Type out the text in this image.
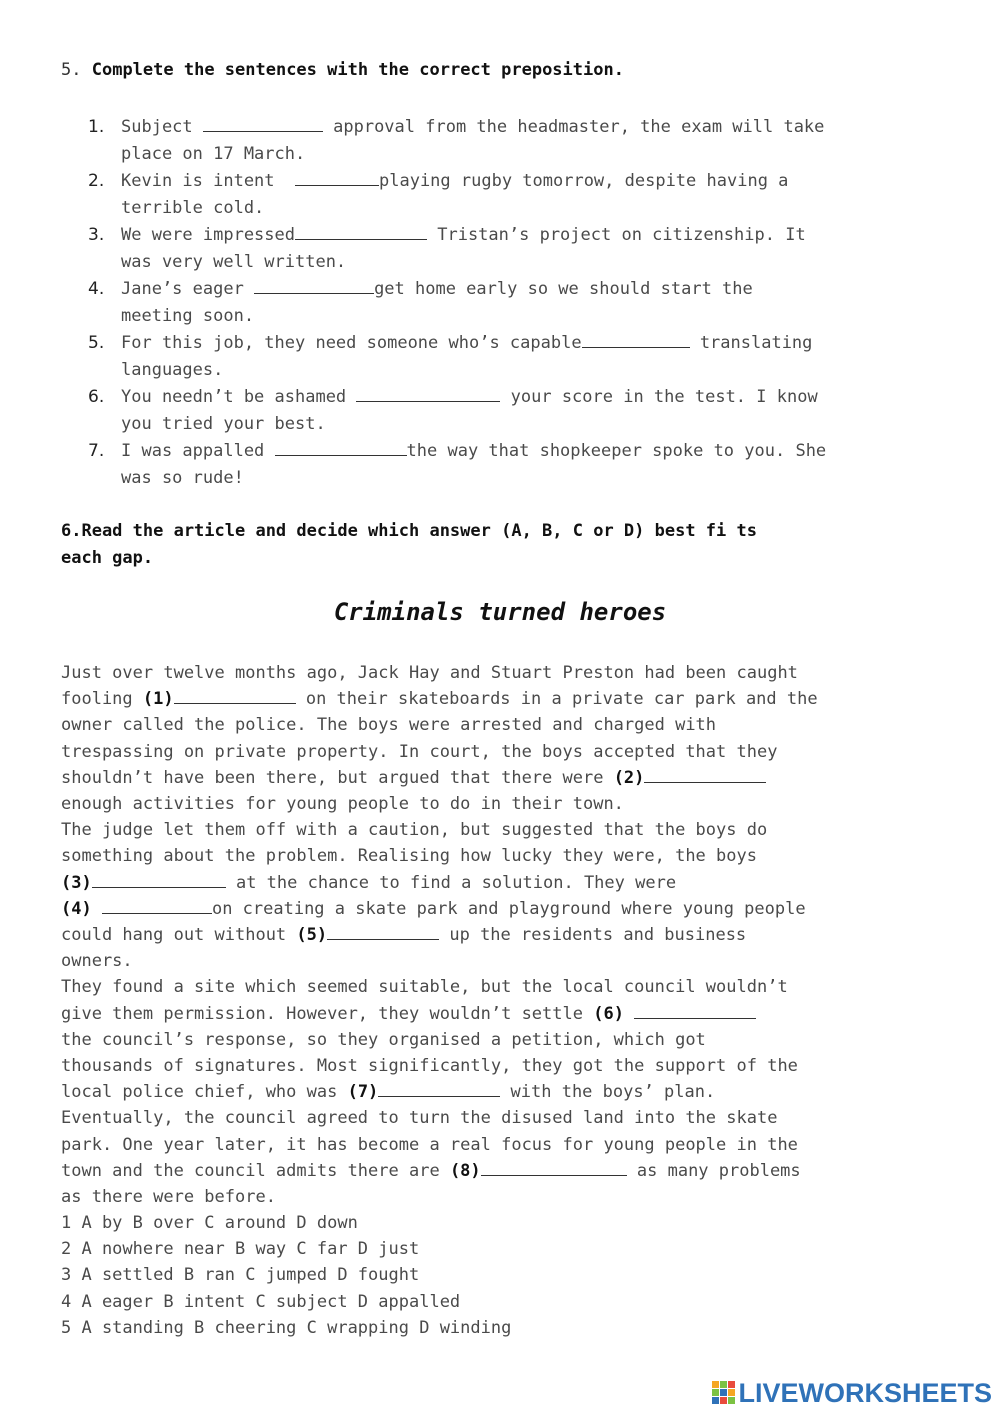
5. Complete the sentences with the correct preposition.
1. Subject	approval from the headmaster, the exam will take
place on 17 March.
2. Kevin is intent	playing rugby tomorrow, despite having a
terrible cold.
3. We were impressed	Tristan’s project on citizenship. It
was very well written.
4. Jane’s eager	get home early so we should start the
meeting soon.
5. For this job, they need someone who’s capable	translating
languages.
6. You needn’t be ashamed	your score in the test. I know
you tried your best.
7. I was appalled	the way that shopkeeper spoke to you. She
was so rude!
6.Read the article and decide which answer (A, B, C or D) best fi ts
each gap.
Criminals turned heroes
Just over twelve months ago, Jack Hay and Stuart Preston had been caught
fooling (1)	on their skateboards in a private car park and the
owner called the police. The boys were arrested and charged with
trespassing on private property. In court, the boys accepted that they
shouldn’t have been there, but argued that there were (2)
enough activities for young people to do in their town.
The judge let them off with a caution, but suggested that the boys do
something about the problem. Realising how lucky they were, the boys
(3)	at the chance to find a solution. They were
(4)	on creating a skate park and playground where young people
could hang out without (5)	up the residents and business
owners.
They found a site which seemed suitable, but the local council wouldn’t
give them permission. However, they wouldn’t settle (6)
the council’s response, so they organised a petition, which got
thousands of signatures. Most significantly, they got the support of the
local police chief, who was (7)	with the boys’ plan.
Eventually, the council agreed to turn the disused land into the skate
park. One year later, it has become a real focus for young people in the
town and the council admits there are (8)	as many problems
as there were before.
1 A by B over C around D down
2 A nowhere near B way C far D just
3 A settled B ran C jumped D fought
4 A eager B intent C subject D appalled
5 A standing B cheering C wrapping D winding
LIVEWORKSHEETS
